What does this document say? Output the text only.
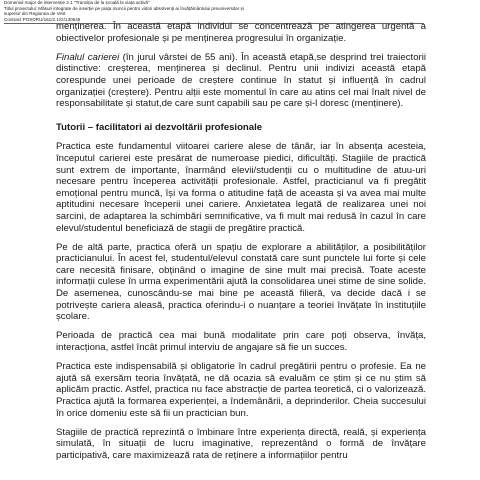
Domeniul major de intervenție 2.1 "Tranziția de la școală la viața activă"
Titlul proiectului: Măsuri integrate de inserție pe piața muncii pentru viitori absolvenți ai învățământului preuniversitar și
superior din Regiunea de Vest
Contract POSDRU/161/2.1/G/130545

menținerea. În această etapă individul se concentrează pe atingerea urgentă a obiectivelor profesionale și pe menținerea progresului în organizație.

Finalul carierei (în jurul vârstei de 55 ani). În această etapă,se desprind trei traiectorii distinctive: creșterea, menținerea și declinul. Pentru unii indivizi această etapă corespunde unei perioade de creștere continue în statut și influență în cadrul organizației (creștere). Pentru alții este momentul în care au atins cel mai înalt nivel de responsabilitate și statut,de care sunt capabili sau pe care și-l doresc (menținere).

Tutorii – facilitatori ai dezvoltării profesionale

Practica este fundamentul viitoarei cariere alese de tânăr, iar în absența acesteia, începutul carierei este presărat de numeroase piedici, dificultăți. Stagiile de practică sunt extrem de importante, înarmând elevii/studenții cu o multitudine de atuu-uri necesare pentru începerea activității profesionale. Astfel, practicianul va fi pregătit emoțional pentru muncă, își va forma o atitudine față de aceasta și va avea mai multe aptitudini necesare începerii unei cariere. Anxietatea legată de realizarea unei noi sarcini, de adaptarea la schimbări semnificative, va fi mult mai redusă în cazul în care elevul/studentul beneficiază de stagii de pregătire practică.

Pe de altă parte, practica oferă un spațiu de explorare a abilităților, a posibilităților practicianului. În acest fel, studentul/elevul constată care sunt punctele lui forte și cele care necesită finisare, obținând o imagine de sine mult mai precisă. Toate aceste informații culese în urma experimentării ajută la consolidarea unei stime de sine solide. De asemenea, cunoscându-se mai bine pe această filieră, va decide dacă i se potrivește cariera aleasă, practica oferindu-i o nuanțare a teoriei învățate în instituțiile școlare.

Perioada de practică cea mai bună modalitate prin care poți observa, învăța, interacționa, astfel încât primul interviu de angajare să fie un succes.

Practica este indispensabilă și obligatorie în cadrul pregătirii pentru o profesie. Ea ne ajută să exersăm teoria învățată, ne dă ocazia să evaluăm ce știm și ce nu știm să aplicăm practic. Astfel, practica nu face abstracție de partea teoretică, ci o valorizează. Practica ajută la formarea experienței, a îndemânării, a deprinderilor. Cheia succesului în orice domeniu este să fii un practician bun.

Stagiile de practică reprezintă o îmbinare între experiența directă, reală, și experiența simulată, în situații de lucru imaginative, reprezentând o formă de învățare participativă, care maximizează rata de reținere a informațiilor pentru
